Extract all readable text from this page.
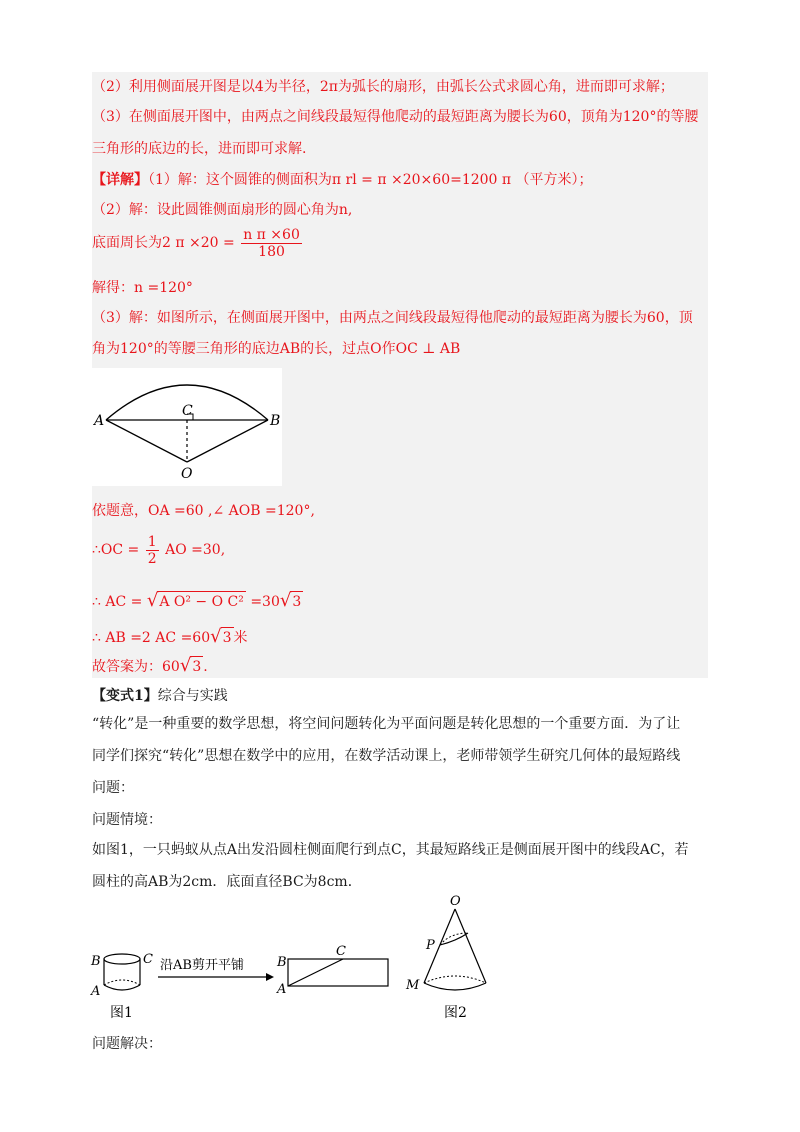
（2）利用侧面展开图是以4为半径，2π为弧长的扇形，由弧长公式求圆心角，进而即可求解；
（3）在侧面展开图中，由两点之间线段最短得他爬动的最短距离为腰长为60，顶角为120°的等腰
三角形的底边的长，进而即可求解.
【详解】（1）解：这个圆锥的侧面积为π rl = π ×20×60=1200 π （平方米）；
（2）解：设此圆锥侧面扇形的圆心角为n,
底面周长为2 $\pi \times 20 = \frac{\text{n π ×60}}{180}$
解得：n =120°
（3）解：如图所示，在侧面展开图中，由两点之间线段最短得他爬动的最短距离为腰长为60，顶
角为120°的等腰三角形的底边AB的长，过点O作OC ⊥ AB
A	B
C
O
依题意，OA =60 ,∠ AOB =120°,
∴OC = $\frac{1}{2}$ AO =30,
∴ AC = √A O² − O C² =30√3
∴ AB =2 AC =60√3 米
故答案为：60√3 .
【变式1】综合与实践
“转化”是一种重要的数学思想，将空间问题转化为平面问题是转化思想的一个重要方面．为了让
同学们探究“转化”思想在数学中的应用，在数学活动课上，老师带领学生研究几何体的最短路线
问题：
问题情境：
如图1，一只蚂蚁从点A出发沿圆柱侧面爬行到点C，其最短路线正是侧面展开图中的线段AC，若
圆柱的高AB为2cm．底面直径BC为8cm．
B	C
A
沿AB剪开平铺	B
C
A
O
P
M
图1	图2
问题解决：
